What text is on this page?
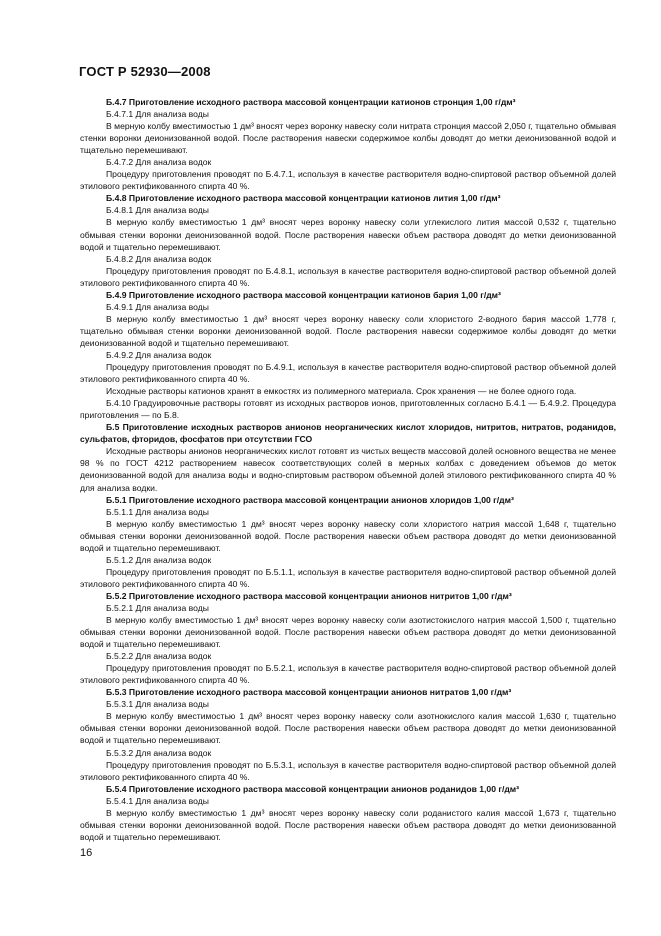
ГОСТ Р 52930—2008

Б.4.7 Приготовление исходного раствора массовой концентрации катионов стронция 1,00 г/дм³

Б.4.7.1 Для анализа воды

В мерную колбу вместимостью 1 дм³ вносят через воронку навеску соли нитрата стронция массой 2,050 г, тщательно обмывая стенки воронки деионизованной водой. После растворения навески содержимое колбы доводят до метки деионизованной водой и тщательно перемешивают.

Б.4.7.2 Для анализа водок

Процедуру приготовления проводят по Б.4.7.1, используя в качестве растворителя водно-спиртовой раствор объемной долей этилового ректификованного спирта 40 %.

Б.4.8 Приготовление исходного раствора массовой концентрации катионов лития 1,00 г/дм³

Б.4.8.1 Для анализа воды

В мерную колбу вместимостью 1 дм³ вносят через воронку навеску соли углекислого лития массой 0,532 г, тщательно обмывая стенки воронки деионизованной водой. После растворения навески объем раствора доводят до метки деионизованной водой и тщательно перемешивают.

Б.4.8.2 Для анализа водок

Процедуру приготовления проводят по Б.4.8.1, используя в качестве растворителя водно-спиртовой раствор объемной долей этилового ректификованного спирта 40 %.

Б.4.9 Приготовление исходного раствора массовой концентрации катионов бария 1,00 г/дм³

Б.4.9.1 Для анализа воды

В мерную колбу вместимостью 1 дм³ вносят через воронку навеску соли хлористого 2-водного бария массой 1,778 г, тщательно обмывая стенки воронки деионизованной водой. После растворения навески содержимое колбы доводят до метки деионизованной водой и тщательно перемешивают.

Б.4.9.2 Для анализа водок

Процедуру приготовления проводят по Б.4.9.1, используя в качестве растворителя водно-спиртовой раствор объемной долей этилового ректификованного спирта 40 %.

Исходные растворы катионов хранят в емкостях из полимерного материала. Срок хранения — не более одного года.

Б.4.10 Градуировочные растворы готовят из исходных растворов ионов, приготовленных согласно Б.4.1 — Б.4.9.2. Процедура приготовления — по Б.8.

Б.5 Приготовление исходных растворов анионов неорганических кислот хлоридов, нитритов, нитратов, роданидов, сульфатов, фторидов, фосфатов при отсутствии ГСО

Исходные растворы анионов неорганических кислот готовят из чистых веществ массовой долей основного вещества не менее 98 % по ГОСТ 4212 растворением навесок соответствующих солей в мерных колбах с доведением объемов до меток деионизованной водой для анализа воды и водно-спиртовым раствором объемной долей этилового ректификованного спирта 40 % для анализа водки.

Б.5.1 Приготовление исходного раствора массовой концентрации анионов хлоридов 1,00 г/дм³

Б.5.1.1 Для анализа воды

В мерную колбу вместимостью 1 дм³ вносят через воронку навеску соли хлористого натрия массой 1,648 г, тщательно обмывая стенки воронки деионизованной водой. После растворения навески объем раствора доводят до метки деионизованной водой и тщательно перемешивают.

Б.5.1.2 Для анализа водок

Процедуру приготовления проводят по Б.5.1.1, используя в качестве растворителя водно-спиртовой раствор объемной долей этилового ректификованного спирта 40 %.

Б.5.2 Приготовление исходного раствора массовой концентрации анионов нитритов 1,00 г/дм³

Б.5.2.1 Для анализа воды

В мерную колбу вместимостью 1 дм³ вносят через воронку навеску соли азотистокислого натрия массой 1,500 г, тщательно обмывая стенки воронки деионизованной водой. После растворения навески объем раствора доводят до метки деионизованной водой и тщательно перемешивают.

Б.5.2.2 Для анализа водок

Процедуру приготовления проводят по Б.5.2.1, используя в качестве растворителя водно-спиртовой раствор объемной долей этилового ректификованного спирта 40 %.

Б.5.3 Приготовление исходного раствора массовой концентрации анионов нитратов 1,00 г/дм³

Б.5.3.1 Для анализа воды

В мерную колбу вместимостью 1 дм³ вносят через воронку навеску соли азотнокислого калия массой 1,630 г, тщательно обмывая стенки воронки деионизованной водой. После растворения навески объем раствора доводят до метки деионизованной водой и тщательно перемешивают.

Б.5.3.2 Для анализа водок

Процедуру приготовления проводят по Б.5.3.1, используя в качестве растворителя водно-спиртовой раствор объемной долей этилового ректификованного спирта 40 %.

Б.5.4 Приготовление исходного раствора массовой концентрации анионов роданидов 1,00 г/дм³

Б.5.4.1 Для анализа воды

В мерную колбу вместимостью 1 дм³ вносят через воронку навеску соли роданистого калия массой 1,673 г, тщательно обмывая стенки воронки деионизованной водой. После растворения навески объем раствора доводят до метки деионизованной водой и тщательно перемешивают.

16
